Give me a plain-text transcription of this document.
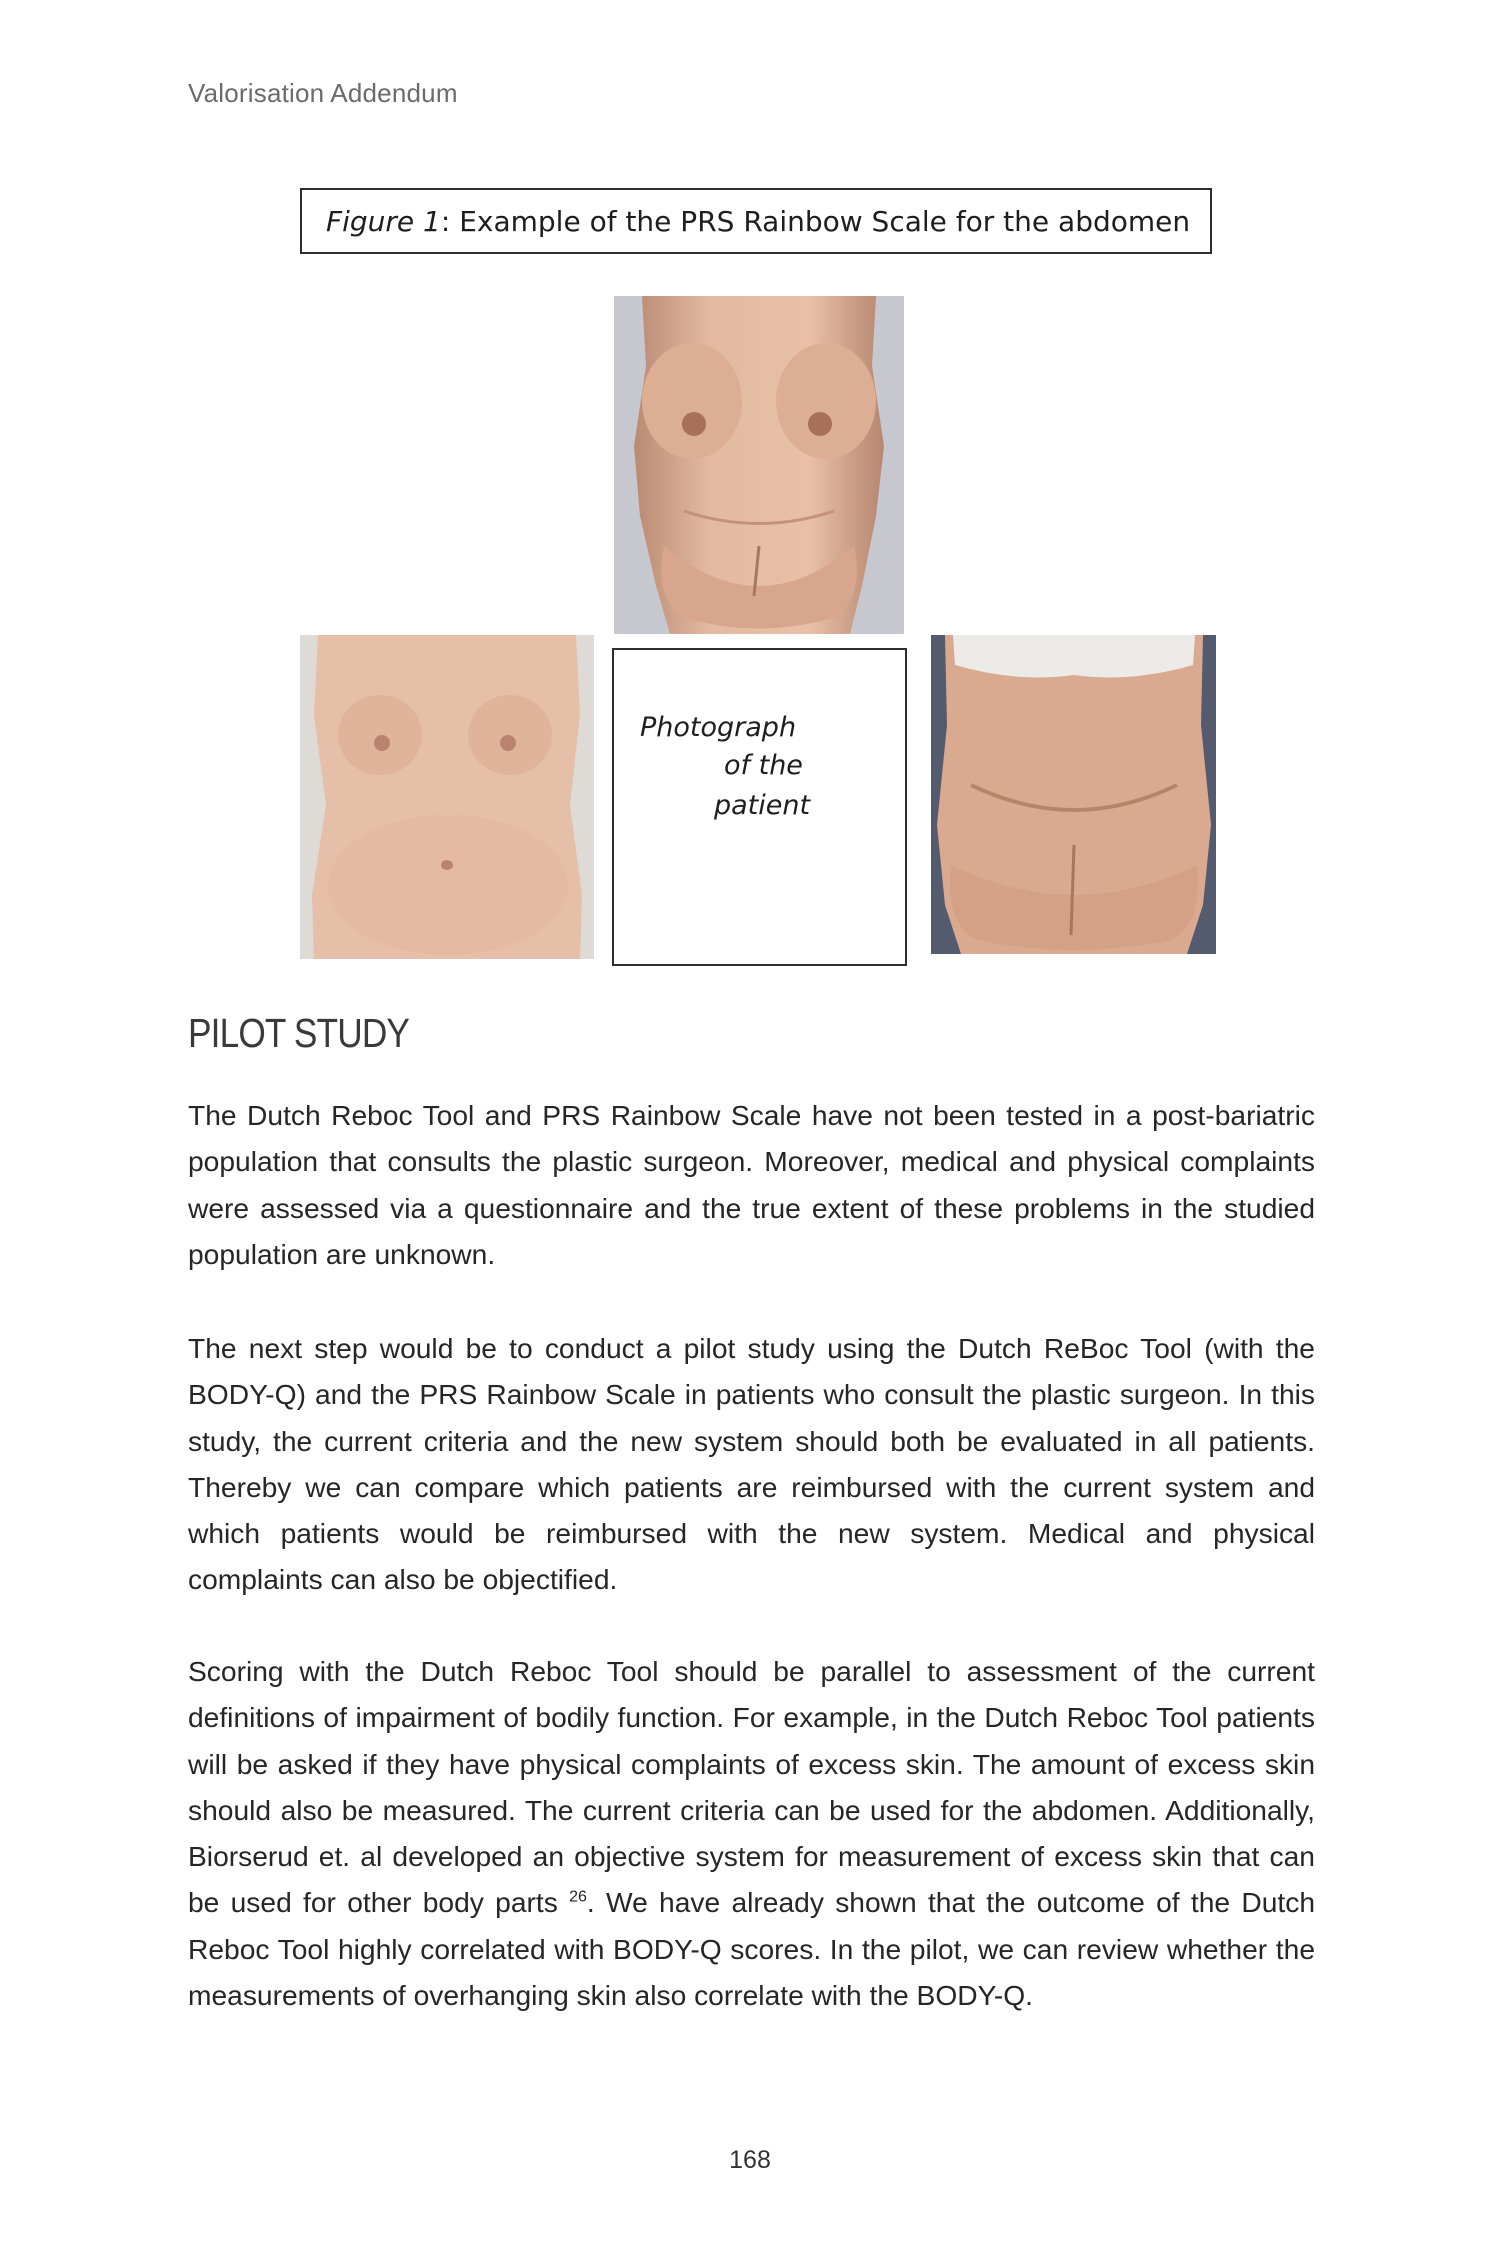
Valorisation Addendum
Figure 1 : Example of the PRS Rainbow Scale for the abdomen
Photograph
of the
patient
PILOT STUDY

The Dutch Reboc Tool and PRS Rainbow Scale have not been tested in a post-bariatric population that consults the plastic surgeon. Moreover, medical and physical complaints were assessed via a questionnaire and the true extent of these problems in the studied population are unknown.

The next step would be to conduct a pilot study using the Dutch ReBoc Tool (with the BODY-Q) and the PRS Rainbow Scale in patients who consult the plastic surgeon. In this study, the current criteria and the new system should both be evaluated in all patients. Thereby we can compare which patients are reimbursed with the current system and which patients would be reimbursed with the new system. Medical and physical complaints can also be objectified.

Scoring with the Dutch Reboc Tool should be parallel to assessment of the current definitions of impairment of bodily function. For example, in the Dutch Reboc Tool patients will be asked if they have physical complaints of excess skin. The amount of excess skin should also be measured. The current criteria can be used for the abdomen. Additionally, Biorserud et. al developed an objective system for measurement of excess skin that can be used for other body parts $^{26}$. We have already shown that the outcome of the Dutch Reboc Tool highly correlated with BODY-Q scores. In the pilot, we can review whether the measurements of overhanging skin also correlate with the BODY-Q.

168
